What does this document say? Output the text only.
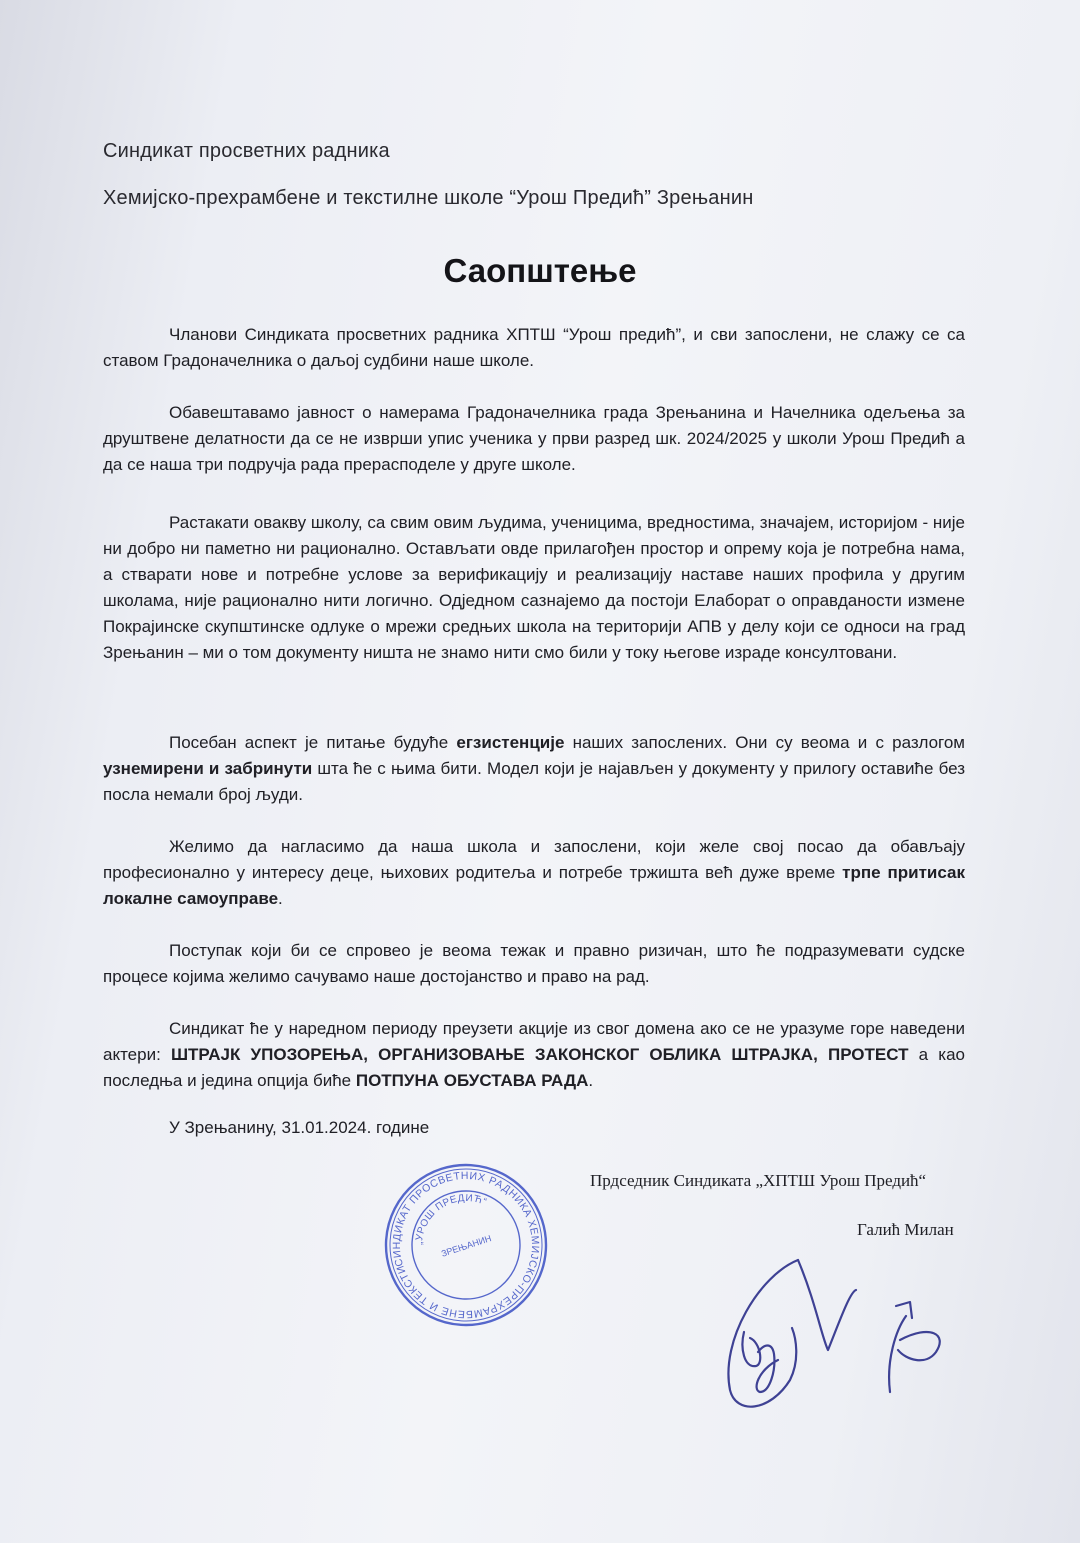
Синдикат просветних радника
Хемијско-прехрамбене и текстилне школе “Урош Предић” Зрењанин
Саопштење
Чланови Синдиката просветних радника ХПТШ “Урош предић”, и сви запослени, не слажу се са ставом Градоначелника о даљој судбини наше школе.
Обавештавамо јавност о намерама Градоначелника града Зрењанина и Начелника одељења за друштвене делатности да се не изврши упис ученика у први разред шк. 2024/2025 у школи Урош Предић а да се наша три подручја рада прерасподеле у друге школе.
Растакати овакву школу, са свим овим људима, ученицима, вредностима, значајем, историјом - није ни добро ни паметно ни рационално. Остављати овде прилагођен простор и опрему која је потребна нама, а стварати нове и потребне услове за верификацију и реализацију наставе наших профила у другим школама, није рационално нити логично. Одједном сазнајемо да постоји Елаборат о оправданости измене Покрајинске скупштинске одлуке о мрежи средњих школа на територији АПВ у делу који се односи на град Зрењанин – ми о том документу ништа не знамо нити смо били у току његове израде консултовани.
Посебан аспект је питање будуће егзистенције наших запослених. Они су веома и с разлогом узнемирени и забринути шта ће с њима бити. Модел који је најављен у документу у прилогу оставиће без посла немали број људи.
Желимо да нагласимо да наша школа и запослени, који желе свој посао да обављају професионално у интересу деце, њихових родитеља и потребе тржишта већ дуже време трпе притисак локалне самоуправе.
Поступак који би се спровео је веома тежак и правно ризичан, што ће подразумевати судске процесе којима желимо сачувамо наше достојанство и право на рад.
Синдикат ће у наредном периоду преузети акције из свог домена ако се не уразуме горе наведени актери: ШТРАЈК УПОЗОРЕЊА, ОРГАНИЗОВАЊЕ ЗАКОНСКОГ ОБЛИКА ШТРАЈКА, ПРОТЕСТ а као последња и једина опција биће ПОТПУНА ОБУСТАВА РАДА.
У Зрењанину, 31.01.2024. године
Прдседник Синдиката „ХПТШ Урош Предић“
Галић Милан
СИНДИКАТ ПРОСВЕТНИХ РАДНИКА ХЕМИЈСКО-ПРЕХРАМБЕНЕ И ТЕКСТИЛНЕ
„УРОШ ПРЕДИЋ“
ЗРЕЊАНИН
